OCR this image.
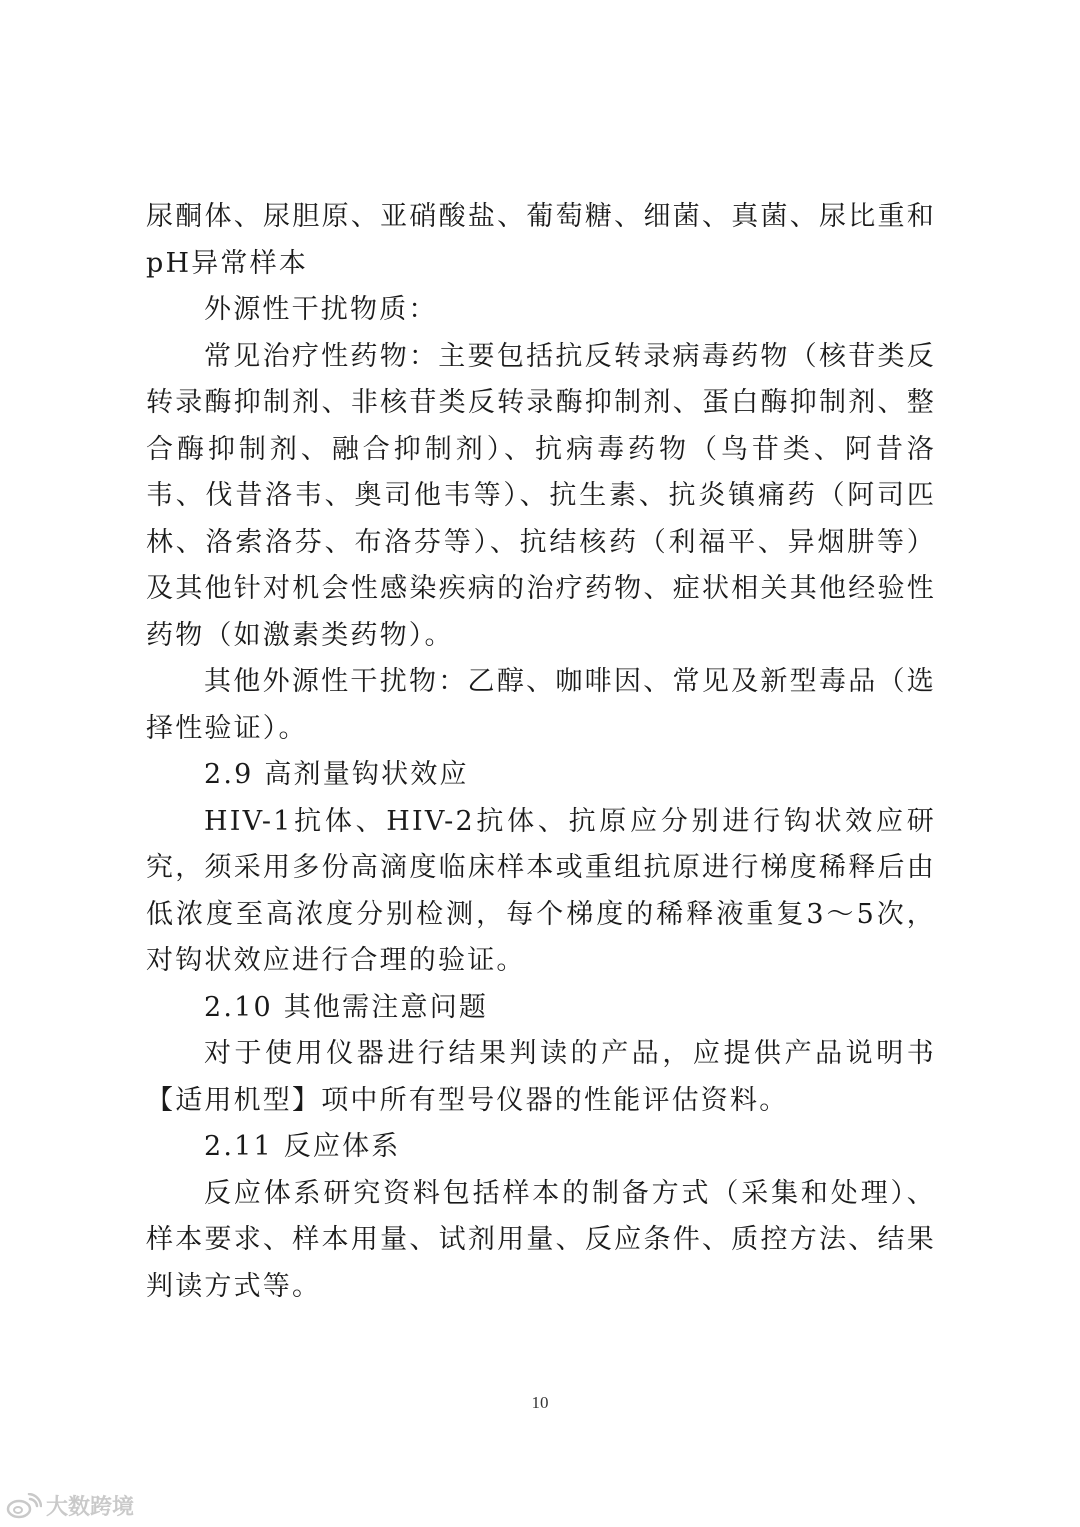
尿酮体、尿胆原、亚硝酸盐、葡萄糖、细菌、真菌、尿比重和pH异常样本

外源性干扰物质：

常见治疗性药物：主要包括抗反转录病毒药物（核苷类反转录酶抑制剂、非核苷类反转录酶抑制剂、蛋白酶抑制剂、整合酶抑制剂、融合抑制剂）、抗病毒药物（鸟苷类、阿昔洛韦、伐昔洛韦、奥司他韦等）、抗生素、抗炎镇痛药（阿司匹林、洛索洛芬、布洛芬等）、抗结核药（利福平、异烟肼等）及其他针对机会性感染疾病的治疗药物、症状相关其他经验性药物（如激素类药物）。

其他外源性干扰物：乙醇、咖啡因、常见及新型毒品（选择性验证）。

2.9 高剂量钩状效应

HIV-1抗体、HIV-2抗体、抗原应分别进行钩状效应研究，须采用多份高滴度临床样本或重组抗原进行梯度稀释后由低浓度至高浓度分别检测，每个梯度的稀释液重复3～5次，对钩状效应进行合理的验证。

2.10 其他需注意问题

对于使用仪器进行结果判读的产品，应提供产品说明书【适用机型】项中所有型号仪器的性能评估资料。

2.11 反应体系

反应体系研究资料包括样本的制备方式（采集和处理）、样本要求、样本用量、试剂用量、反应条件、质控方法、结果判读方式等。

10
大数跨境
